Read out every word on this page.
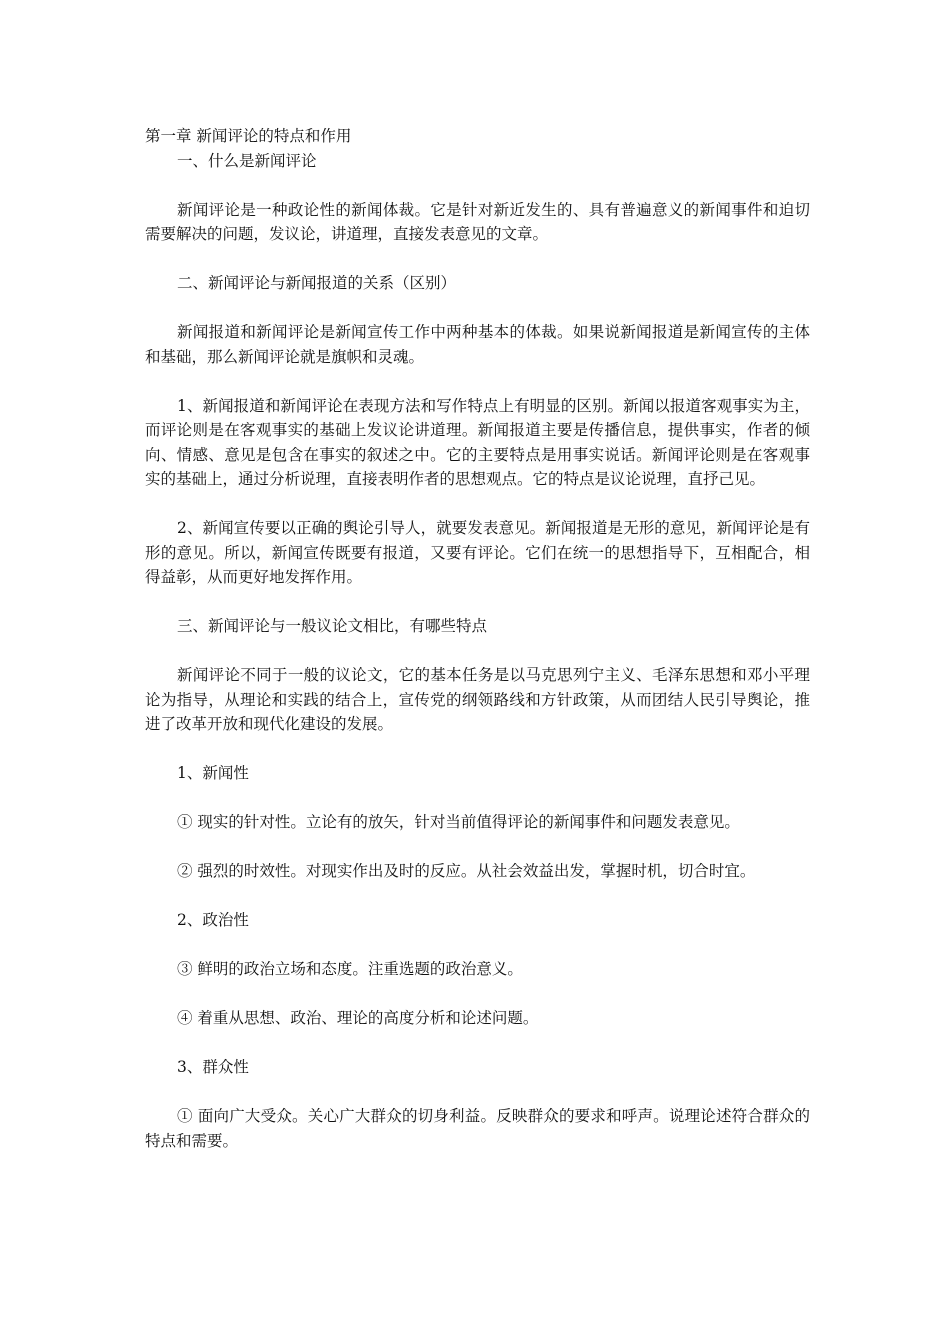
第一章 新闻评论的特点和作用

一、什么是新闻评论

新闻评论是一种政论性的新闻体裁。它是针对新近发生的、具有普遍意义的新闻事件和迫切需要解决的问题，发议论，讲道理，直接发表意见的文章。

二、新闻评论与新闻报道的关系（区别）

新闻报道和新闻评论是新闻宣传工作中两种基本的体裁。如果说新闻报道是新闻宣传的主体和基础，那么新闻评论就是旗帜和灵魂。

1、新闻报道和新闻评论在表现方法和写作特点上有明显的区别。新闻以报道客观事实为主，而评论则是在客观事实的基础上发议论讲道理。新闻报道主要是传播信息，提供事实，作者的倾向、情感、意见是包含在事实的叙述之中。它的主要特点是用事实说话。新闻评论则是在客观事实的基础上，通过分析说理，直接表明作者的思想观点。它的特点是议论说理，直抒己见。

2、新闻宣传要以正确的舆论引导人，就要发表意见。新闻报道是无形的意见，新闻评论是有形的意见。所以，新闻宣传既要有报道，又要有评论。它们在统一的思想指导下，互相配合，相得益彰，从而更好地发挥作用。

三、新闻评论与一般议论文相比，有哪些特点

新闻评论不同于一般的议论文，它的基本任务是以马克思列宁主义、毛泽东思想和邓小平理论为指导，从理论和实践的结合上，宣传党的纲领路线和方针政策，从而团结人民引导舆论，推进了改革开放和现代化建设的发展。

1、新闻性

① 现实的针对性。立论有的放矢，针对当前值得评论的新闻事件和问题发表意见。

② 强烈的时效性。对现实作出及时的反应。从社会效益出发，掌握时机，切合时宜。

2、政治性

③ 鲜明的政治立场和态度。注重选题的政治意义。

④ 着重从思想、政治、理论的高度分析和论述问题。

3、群众性

① 面向广大受众。关心广大群众的切身利益。反映群众的要求和呼声。说理论述符合群众的特点和需要。
